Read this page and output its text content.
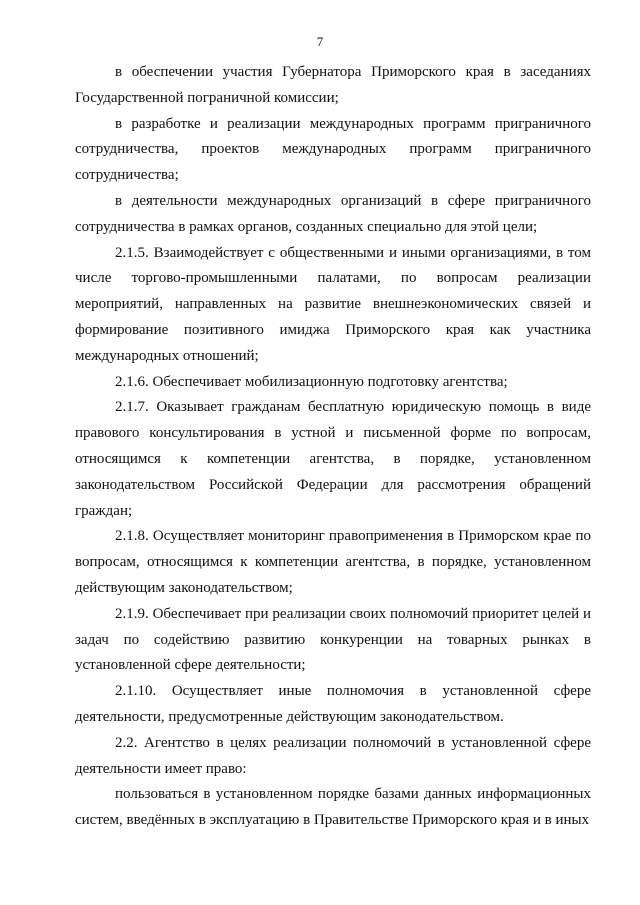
7

в обеспечении участия Губернатора Приморского края в заседаниях Государственной пограничной комиссии;

в разработке и реализации международных программ приграничного сотрудничества, проектов международных программ приграничного сотрудничества;

в деятельности международных организаций в сфере приграничного сотрудничества в рамках органов, созданных специально для этой цели;

2.1.5. Взаимодействует с общественными и иными организациями, в том числе торгово-промышленными палатами, по вопросам реализации мероприятий, направленных на развитие внешнеэкономических связей и формирование позитивного имиджа Приморского края как участника международных отношений;

2.1.6. Обеспечивает мобилизационную подготовку агентства;

2.1.7. Оказывает гражданам бесплатную юридическую помощь в виде правового консультирования в устной и письменной форме по вопросам, относящимся к компетенции агентства, в порядке, установленном законодательством Российской Федерации для рассмотрения обращений граждан;

2.1.8. Осуществляет мониторинг правоприменения в Приморском крае по вопросам, относящимся к компетенции агентства, в порядке, установленном действующим законодательством;

2.1.9. Обеспечивает при реализации своих полномочий приоритет целей и задач по содействию развитию конкуренции на товарных рынках в установленной сфере деятельности;

2.1.10. Осуществляет иные полномочия в установленной сфере деятельности, предусмотренные действующим законодательством.

2.2. Агентство в целях реализации полномочий в установленной сфере деятельности имеет право:

пользоваться в установленном порядке базами данных информационных систем, введённых в эксплуатацию в Правительстве Приморского края и в иных
